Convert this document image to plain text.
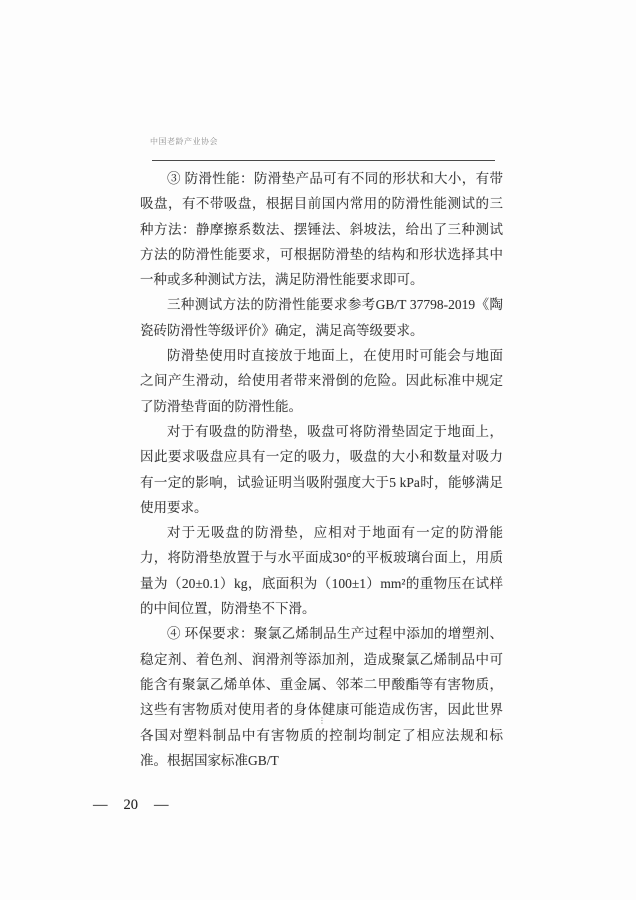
中国老龄产业协会

③ 防滑性能：防滑垫产品可有不同的形状和大小，有带吸盘，有不带吸盘，根据目前国内常用的防滑性能测试的三种方法：静摩擦系数法、摆锤法、斜坡法，给出了三种测试方法的防滑性能要求，可根据防滑垫的结构和形状选择其中一种或多种测试方法，满足防滑性能要求即可。

三种测试方法的防滑性能要求参考GB/T 37798-2019《陶瓷砖防滑性等级评价》确定，满足高等级要求。

防滑垫使用时直接放于地面上，在使用时可能会与地面之间产生滑动，给使用者带来滑倒的危险。因此标准中规定了防滑垫背面的防滑性能。

对于有吸盘的防滑垫，吸盘可将防滑垫固定于地面上，因此要求吸盘应具有一定的吸力，吸盘的大小和数量对吸力有一定的影响，试验证明当吸附强度大于5 kPa时，能够满足使用要求。

对于无吸盘的防滑垫，应相对于地面有一定的防滑能力，将防滑垫放置于与水平面成30°的平板玻璃台面上，用质量为（20±0.1）kg，底面积为（100±1）mm²的重物压在试样的中间位置，防滑垫不下滑。

④ 环保要求：聚氯乙烯制品生产过程中添加的增塑剂、稳定剂、着色剂、润滑剂等添加剂，造成聚氯乙烯制品中可能含有聚氯乙烯单体、重金属、邻苯二甲酸酯等有害物质，这些有害物质对使用者的身体健康可能造成伤害，因此世界各国对塑料制品中有害物质的控制均制定了相应法规和标准。根据国家标准GB/T

⋮
— 20 —
